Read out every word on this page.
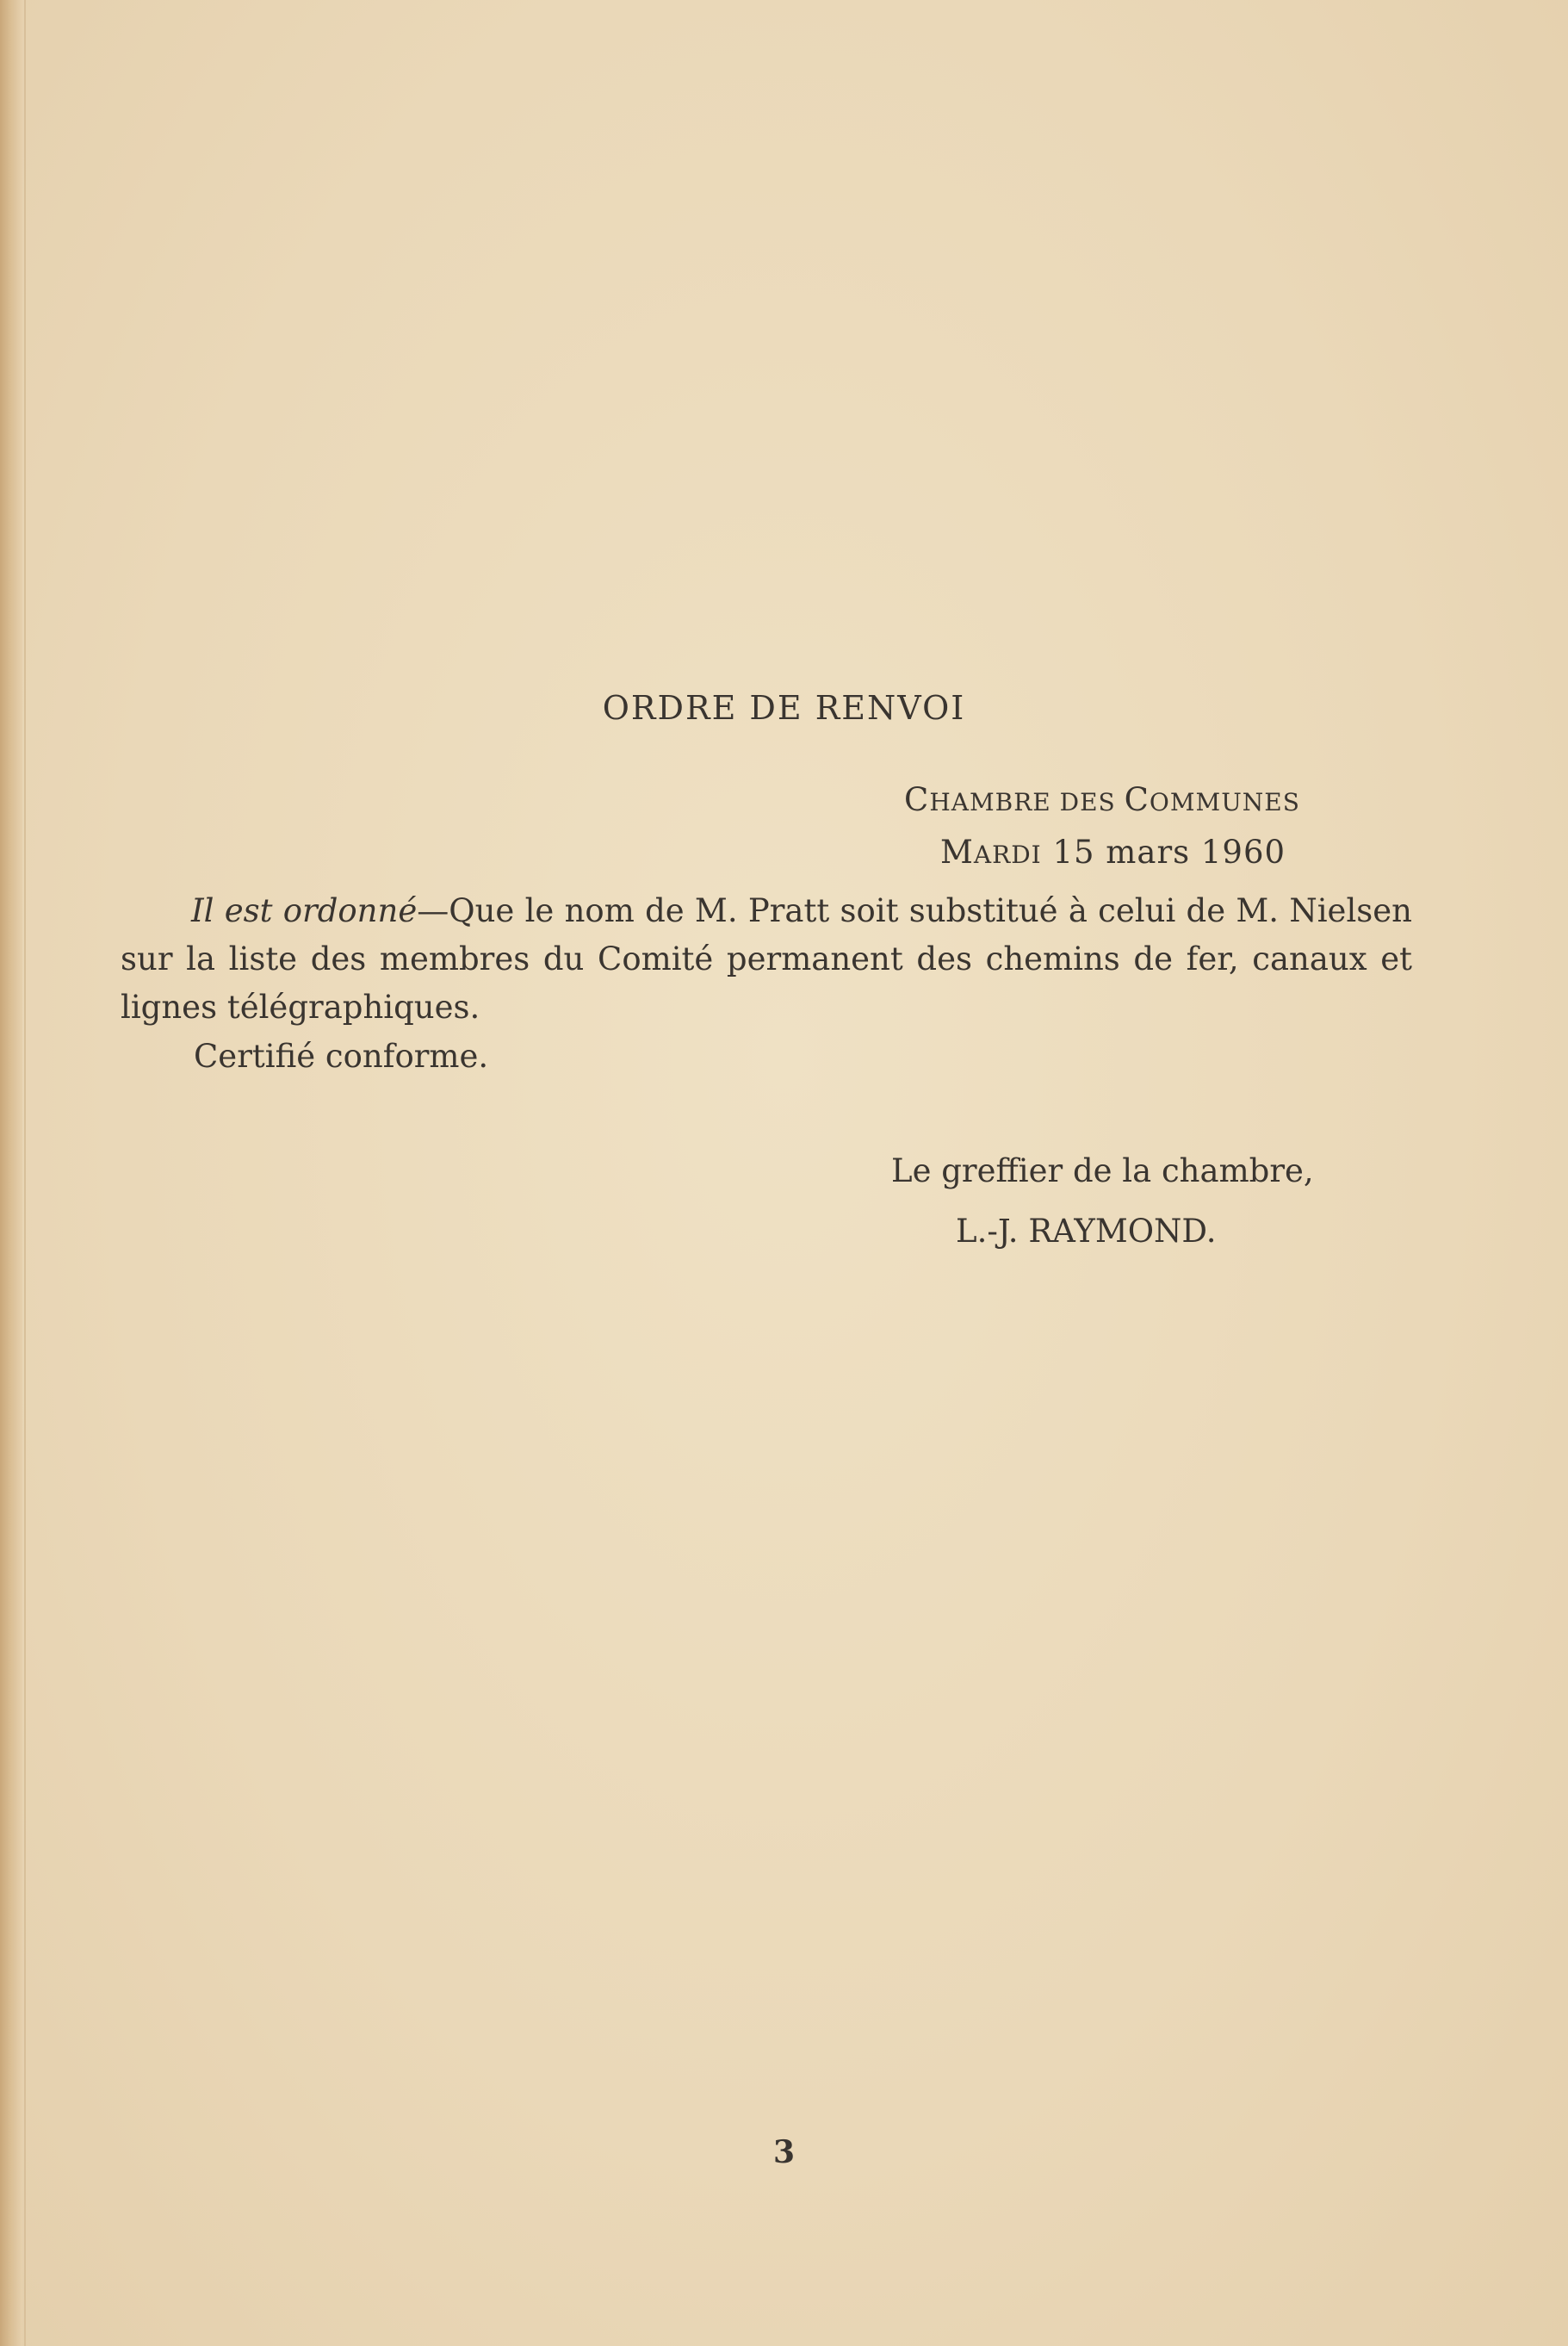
ORDRE DE RENVOI
CHAMBRE DES COMMUNES
MARDI 15 mars 1960

Il est ordonné—Que le nom de M. Pratt soit substitué à celui de M. Nielsen sur la liste des membres du Comité permanent des chemins de fer, canaux et lignes télégraphiques.

Certifié conforme.

Le greffier de la chambre,
L.-J. RAYMOND.
3
